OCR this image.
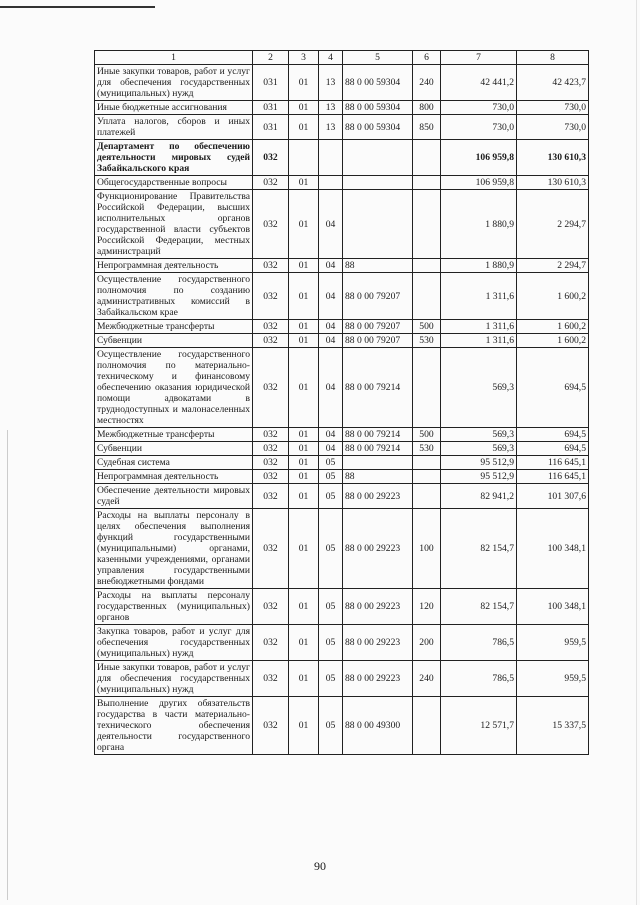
1	2	3	4	5	6	7	8
Иные закупки товаров, работ и услуг для обеспечения государственных (муниципальных) нужд	031	01	13	88 0 00 59304	240	42 441,2	42 423,7
Иные бюджетные ассигнования	031	01	13	88 0 00 59304	800	730,0	730,0
Уплата налогов, сборов и иных платежей	031	01	13	88 0 00 59304	850	730,0	730,0
Департамент по обеспечению деятельности мировых судей Забайкальского края	032					106 959,8	130 610,3
Общегосударственные вопросы	032	01				106 959,8	130 610,3
Функционирование Правительства Российской Федерации, высших исполнительных органов государственной власти субъектов Российской Федерации, местных администраций	032	01	04			1 880,9	2 294,7
Непрограммная деятельность	032	01	04	88		1 880,9	2 294,7
Осуществление государственного полномочия по созданию административных комиссий в Забайкальском крае	032	01	04	88 0 00 79207		1 311,6	1 600,2
Межбюджетные трансферты	032	01	04	88 0 00 79207	500	1 311,6	1 600,2
Субвенции	032	01	04	88 0 00 79207	530	1 311,6	1 600,2
Осуществление государственного полномочия по материально-техническому и финансовому обеспечению оказания юридической помощи адвокатами в труднодоступных и малонаселенных местностях	032	01	04	88 0 00 79214		569,3	694,5
Межбюджетные трансферты	032	01	04	88 0 00 79214	500	569,3	694,5
Субвенции	032	01	04	88 0 00 79214	530	569,3	694,5
Судебная система	032	01	05			95 512,9	116 645,1
Непрограммная деятельность	032	01	05	88		95 512,9	116 645,1
Обеспечение деятельности мировых судей	032	01	05	88 0 00 29223		82 941,2	101 307,6
Расходы на выплаты персоналу в целях обеспечения выполнения функций государственными (муниципальными) органами, казенными учреждениями, органами управления государственными внебюджетными фондами	032	01	05	88 0 00 29223	100	82 154,7	100 348,1
Расходы на выплаты персоналу государственных (муниципальных) органов	032	01	05	88 0 00 29223	120	82 154,7	100 348,1
Закупка товаров, работ и услуг для обеспечения государственных (муниципальных) нужд	032	01	05	88 0 00 29223	200	786,5	959,5
Иные закупки товаров, работ и услуг для обеспечения государственных (муниципальных) нужд	032	01	05	88 0 00 29223	240	786,5	959,5
Выполнение других обязательств государства в части материально-технического обеспечения деятельности государственного органа	032	01	05	88 0 00 49300		12 571,7	15 337,5
90
